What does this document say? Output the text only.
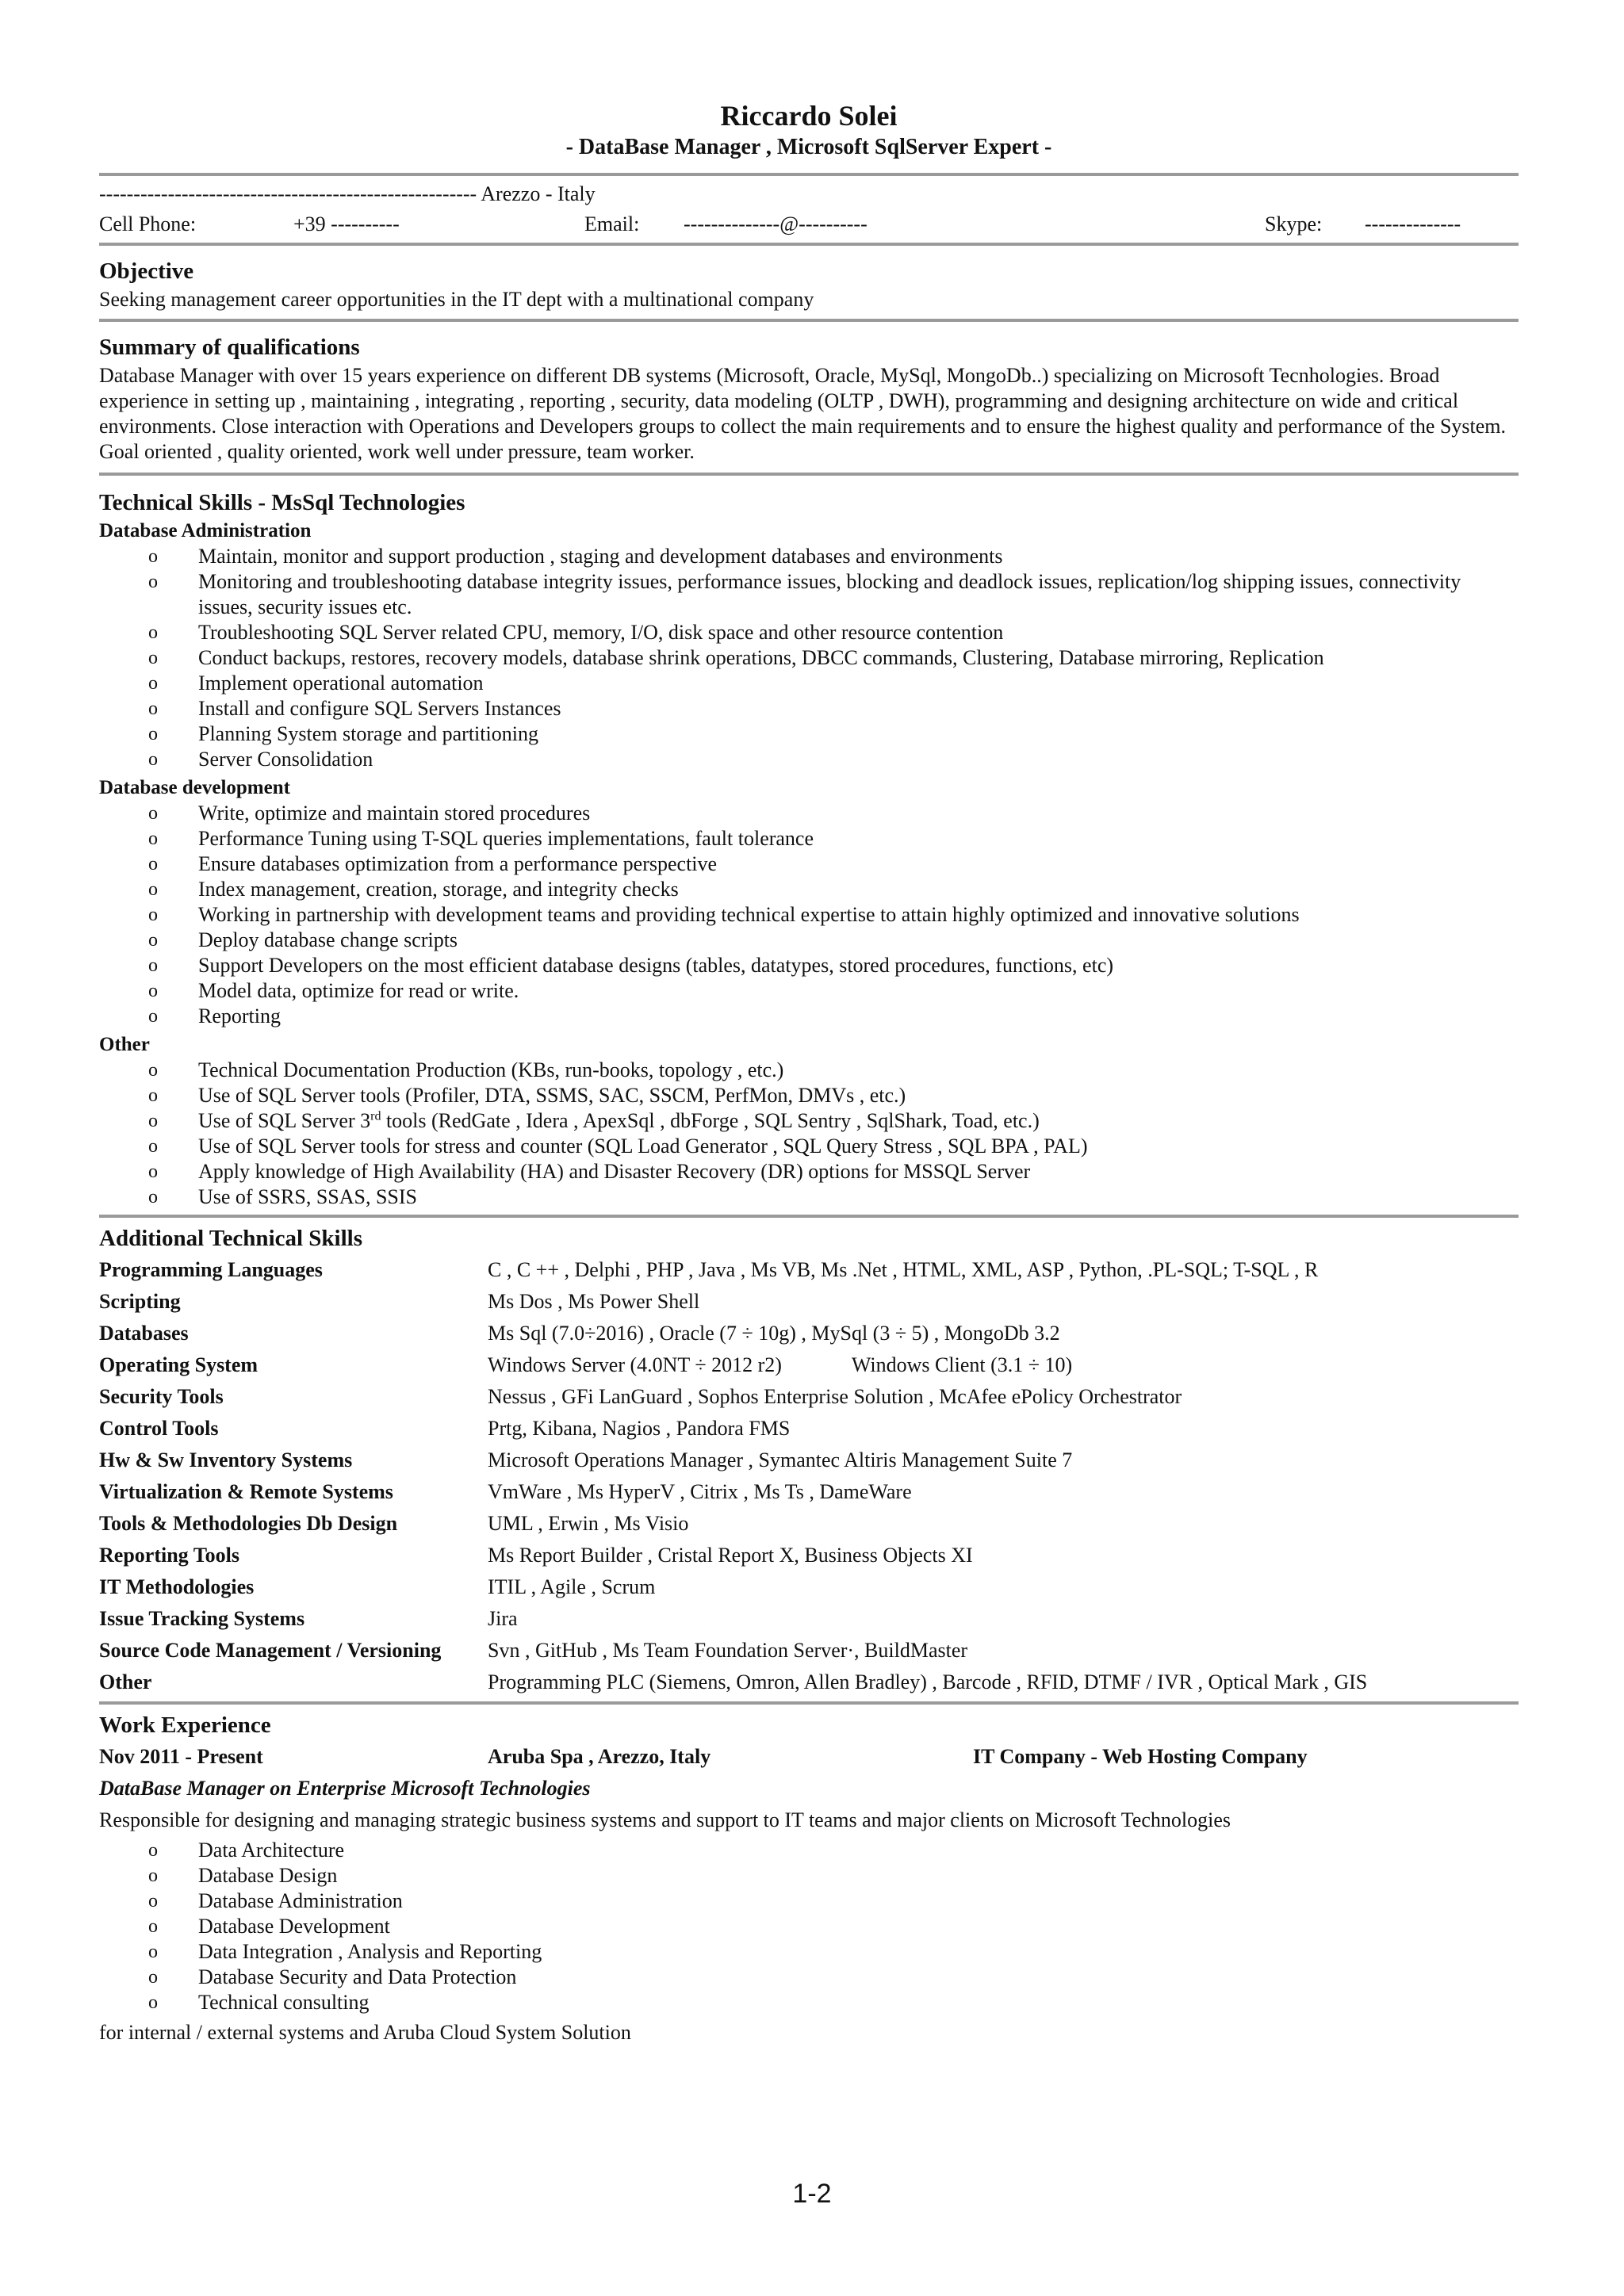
Riccardo Solei
- DataBase Manager , Microsoft SqlServer Expert -
------------------------------------------------------- Arezzo - Italy
Cell Phone:	+39 ----------	Email: --------------@----------	Skype: --------------
Objective
Seeking management career opportunities in the IT dept with a multinational company
Summary of qualifications
Database Manager with over 15 years experience on different DB systems (Microsoft, Oracle, MySql, MongoDb..) specializing on Microsoft Tecnhologies. Broad experience in setting up , maintaining , integrating , reporting , security, data modeling (OLTP , DWH), programming and designing architecture on wide and critical environments. Close interaction with Operations and Developers groups to collect the main requirements and to ensure the highest quality and performance of the System. Goal oriented , quality oriented, work well under pressure, team worker.
Technical Skills - MsSql Technologies
Database Administration
o Maintain, monitor and support production , staging and development databases and environments
o Monitoring and troubleshooting database integrity issues, performance issues, blocking and deadlock issues, replication/log shipping issues, connectivity issues, security issues etc.
o Troubleshooting SQL Server related CPU, memory, I/O, disk space and other resource contention
o Conduct backups, restores, recovery models, database shrink operations, DBCC commands, Clustering, Database mirroring, Replication
o Implement operational automation
o Install and configure SQL Servers Instances
o Planning System storage and partitioning
o Server Consolidation
Database development
o Write, optimize and maintain stored procedures
o Performance Tuning using T-SQL queries implementations, fault tolerance
o Ensure databases optimization from a performance perspective
o Index management, creation, storage, and integrity checks
o Working in partnership with development teams and providing technical expertise to attain highly optimized and innovative solutions
o Deploy database change scripts
o Support Developers on the most efficient database designs (tables, datatypes, stored procedures, functions, etc)
o Model data, optimize for read or write.
o Reporting
Other
o Technical Documentation Production (KBs, run-books, topology , etc.)
o Use of SQL Server tools (Profiler, DTA, SSMS, SAC, SSCM, PerfMon, DMVs , etc.)
o Use of SQL Server 3rd tools (RedGate , Idera , ApexSql , dbForge , SQL Sentry , SqlShark, Toad, etc.)
o Use of SQL Server tools for stress and counter (SQL Load Generator , SQL Query Stress , SQL BPA , PAL)
o Apply knowledge of High Availability (HA) and Disaster Recovery (DR) options for MSSQL Server
o Use of SSRS, SSAS, SSIS
Additional Technical Skills
Programming Languages	C , C ++ , Delphi , PHP , Java , Ms VB, Ms .Net , HTML, XML, ASP , Python, .PL-SQL; T-SQL , R
Scripting	Ms Dos , Ms Power Shell
Databases	Ms Sql (7.0÷2016) , Oracle (7 ÷ 10g) , MySql (3 ÷ 5) , MongoDb 3.2
Operating System	Windows Server (4.0NT ÷ 2012 r2) Windows Client (3.1 ÷ 10)
Security Tools	Nessus , GFi LanGuard , Sophos Enterprise Solution , McAfee ePolicy Orchestrator
Control Tools	Prtg, Kibana, Nagios , Pandora FMS
Hw & Sw Inventory Systems	Microsoft Operations Manager , Symantec Altiris Management Suite 7
Virtualization & Remote Systems	VmWare , Ms HyperV , Citrix , Ms Ts , DameWare
Tools & Methodologies Db Design	UML , Erwin , Ms Visio
Reporting Tools	Ms Report Builder , Cristal Report X, Business Objects XI
IT Methodologies	ITIL , Agile , Scrum
Issue Tracking Systems	Jira
Source Code Management / Versioning	Svn , GitHub , Ms Team Foundation Server·, BuildMaster
Other	Programming PLC (Siemens, Omron, Allen Bradley) , Barcode , RFID, DTMF / IVR , Optical Mark , GIS
Work Experience
Nov 2011 - Present	Aruba Spa , Arezzo, Italy	IT Company - Web Hosting Company
DataBase Manager on Enterprise Microsoft Technologies
Responsible for designing and managing strategic business systems and support to IT teams and major clients on Microsoft Technologies
o Data Architecture
o Database Design
o Database Administration
o Database Development
o Data Integration , Analysis and Reporting
o Database Security and Data Protection
o Technical consulting
for internal / external systems and Aruba Cloud System Solution
1-2
